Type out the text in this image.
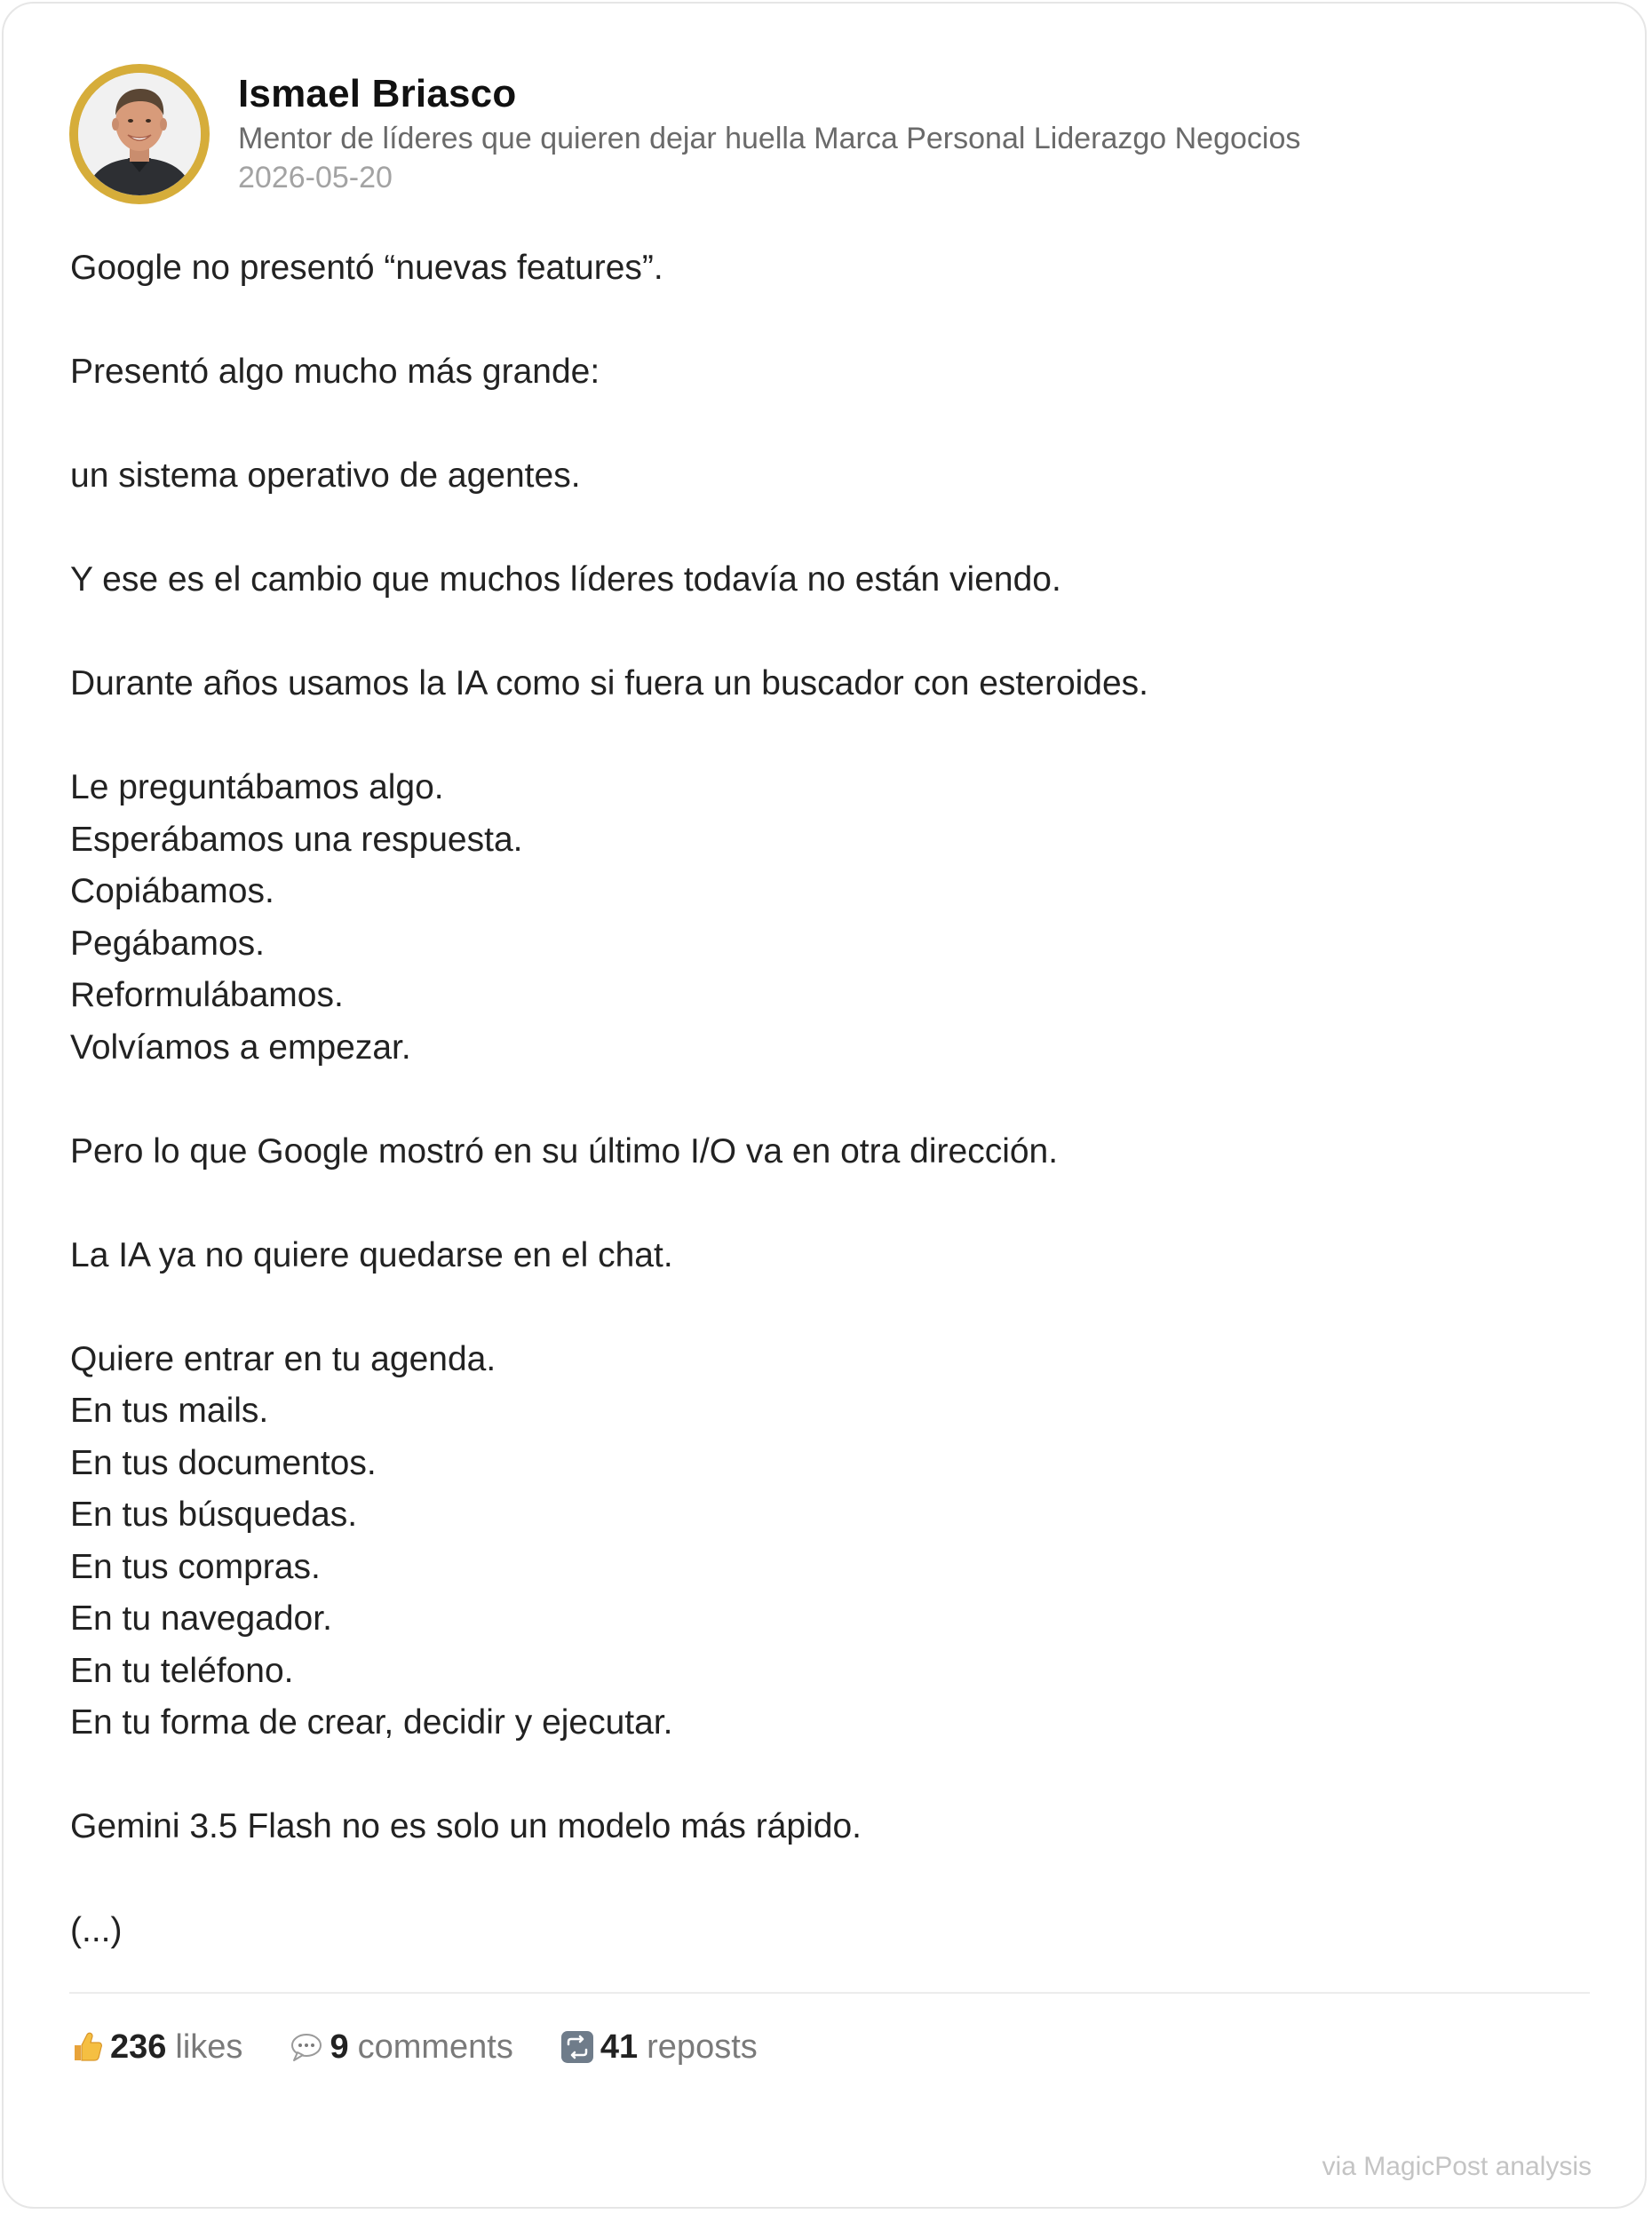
Ismael Briasco
Mentor de líderes que quieren dejar huella Marca Personal Liderazgo Negocios
2026-05-20

Google no presentó “nuevas features”.

Presentó algo mucho más grande:

un sistema operativo de agentes.

Y ese es el cambio que muchos líderes todavía no están viendo.

Durante años usamos la IA como si fuera un buscador con esteroides.

Le preguntábamos algo.

Esperábamos una respuesta.

Copiábamos.

Pegábamos.

Reformulábamos.

Volvíamos a empezar.

Pero lo que Google mostró en su último I/O va en otra dirección.

La IA ya no quiere quedarse en el chat.

Quiere entrar en tu agenda.

En tus mails.

En tus documentos.

En tus búsquedas.

En tus compras.

En tu navegador.

En tu teléfono.

En tu forma de crear, decidir y ejecutar.

Gemini 3.5 Flash no es solo un modelo más rápido.

(...)

236 likes	9 comments	41 reposts
via MagicPost analysis
